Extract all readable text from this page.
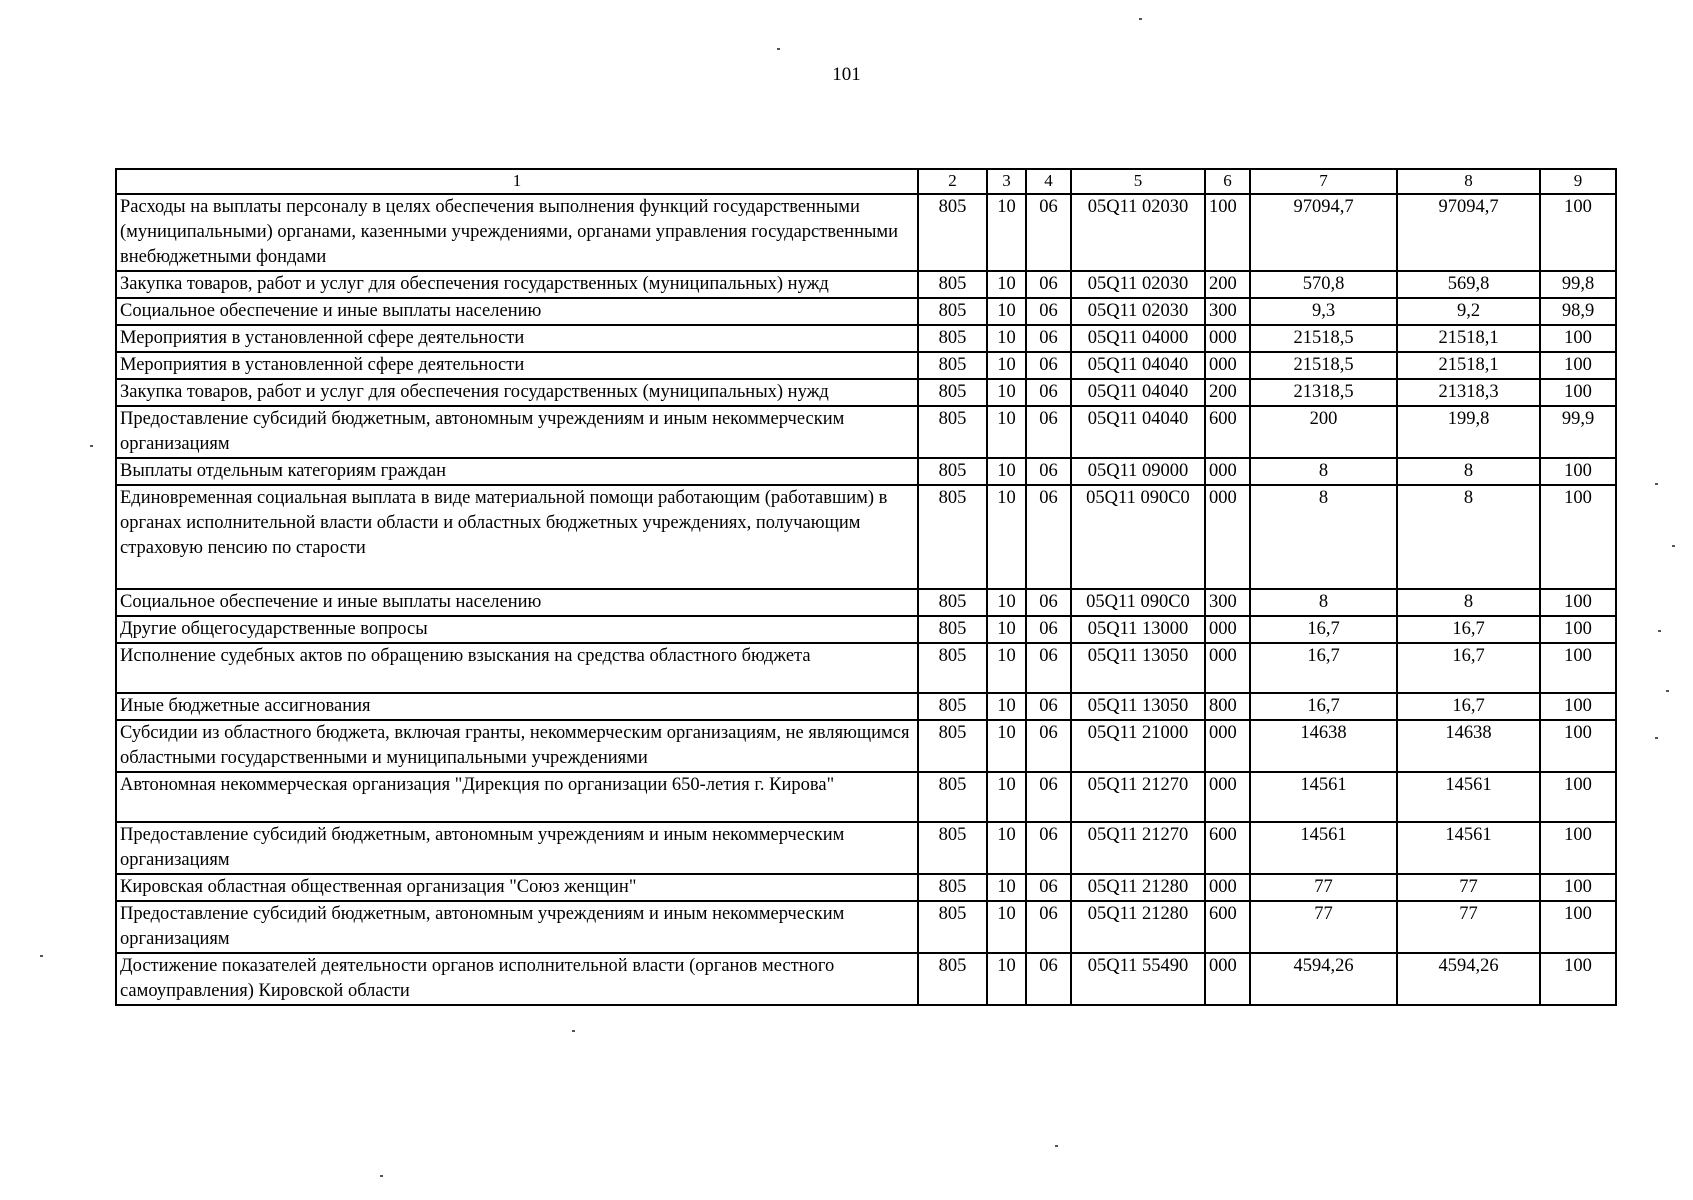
101
1	2	3	4	5	6	7	8	9
Расходы на выплаты персоналу в целях обеспечения выполнения функций государственными (муниципальными) органами, казенными учреждениями, органами управления государственными внебюджетными фондами	805	10	06	05Q11 02030	100	97094,7	97094,7	100
Закупка товаров, работ и услуг для обеспечения государственных (муниципальных) нужд	805	10	06	05Q11 02030	200	570,8	569,8	99,8
Социальное обеспечение и иные выплаты населению	805	10	06	05Q11 02030	300	9,3	9,2	98,9
Мероприятия в установленной сфере деятельности	805	10	06	05Q11 04000	000	21518,5	21518,1	100
Мероприятия в установленной сфере деятельности	805	10	06	05Q11 04040	000	21518,5	21518,1	100
Закупка товаров, работ и услуг для обеспечения государственных (муниципальных) нужд	805	10	06	05Q11 04040	200	21318,5	21318,3	100
Предоставление субсидий бюджетным, автономным учреждениям и иным некоммерческим организациям	805	10	06	05Q11 04040	600	200	199,8	99,9
Выплаты отдельным категориям граждан	805	10	06	05Q11 09000	000	8	8	100
Единовременная социальная выплата в виде материальной помощи работающим (работавшим) в органах исполнительной власти области и областных бюджетных учреждениях, получающим страховую пенсию по старости	805	10	06	05Q11 090C0	000	8	8	100
Социальное обеспечение и иные выплаты населению	805	10	06	05Q11 090C0	300	8	8	100
Другие общегосударственные вопросы	805	10	06	05Q11 13000	000	16,7	16,7	100
Исполнение судебных актов по обращению взыскания на средства областного бюджета	805	10	06	05Q11 13050	000	16,7	16,7	100
Иные бюджетные ассигнования	805	10	06	05Q11 13050	800	16,7	16,7	100
Субсидии из областного бюджета, включая гранты, некоммерческим организациям, не являющимся областными государственными и муниципальными учреждениями	805	10	06	05Q11 21000	000	14638	14638	100
Автономная некоммерческая организация "Дирекция по организации 650-летия г. Кирова"	805	10	06	05Q11 21270	000	14561	14561	100
Предоставление субсидий бюджетным, автономным учреждениям и иным некоммерческим организациям	805	10	06	05Q11 21270	600	14561	14561	100
Кировская областная общественная организация "Союз женщин"	805	10	06	05Q11 21280	000	77	77	100
Предоставление субсидий бюджетным, автономным учреждениям и иным некоммерческим организациям	805	10	06	05Q11 21280	600	77	77	100
Достижение показателей деятельности органов исполнительной власти (органов местного самоуправления) Кировской области	805	10	06	05Q11 55490	000	4594,26	4594,26	100
